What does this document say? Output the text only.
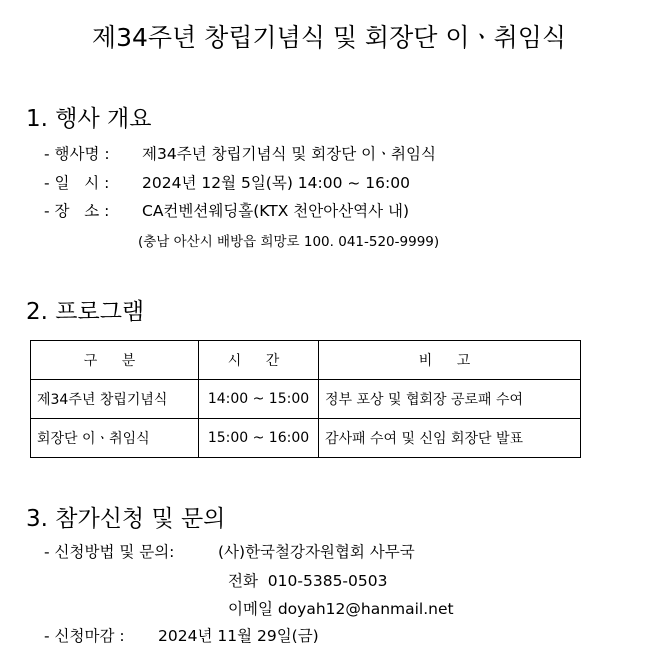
제34주년 창립기념식 및 회장단 이ㆍ취임식
1. 행사 개요
- 행사명 : 제34주년 창립기념식 및 회장단 이ㆍ취임식
- 일   시 : 2024년 12월 5일(목) 14:00 ~ 16:00
- 장   소 : CA컨벤션웨딩홀(KTX 천안아산역사 내)
(충남 아산시 배방읍 희망로 100. 041-520-9999)
2. 프로그램
구 분	시 간	비 고
제34주년 창립기념식	14:00 ~ 15:00	정부 포상 및 협회장 공로패 수여
회장단 이ㆍ취임식	15:00 ~ 16:00	감사패 수여 및 신임 회장단 발표
3. 참가신청 및 문의
- 신청방법 및 문의:	(사)한국철강자원협회 사무국
전화  010-5385-0503
이메일 doyah12@hanmail.net
- 신청마감 : 2024년 11월 29일(금)
